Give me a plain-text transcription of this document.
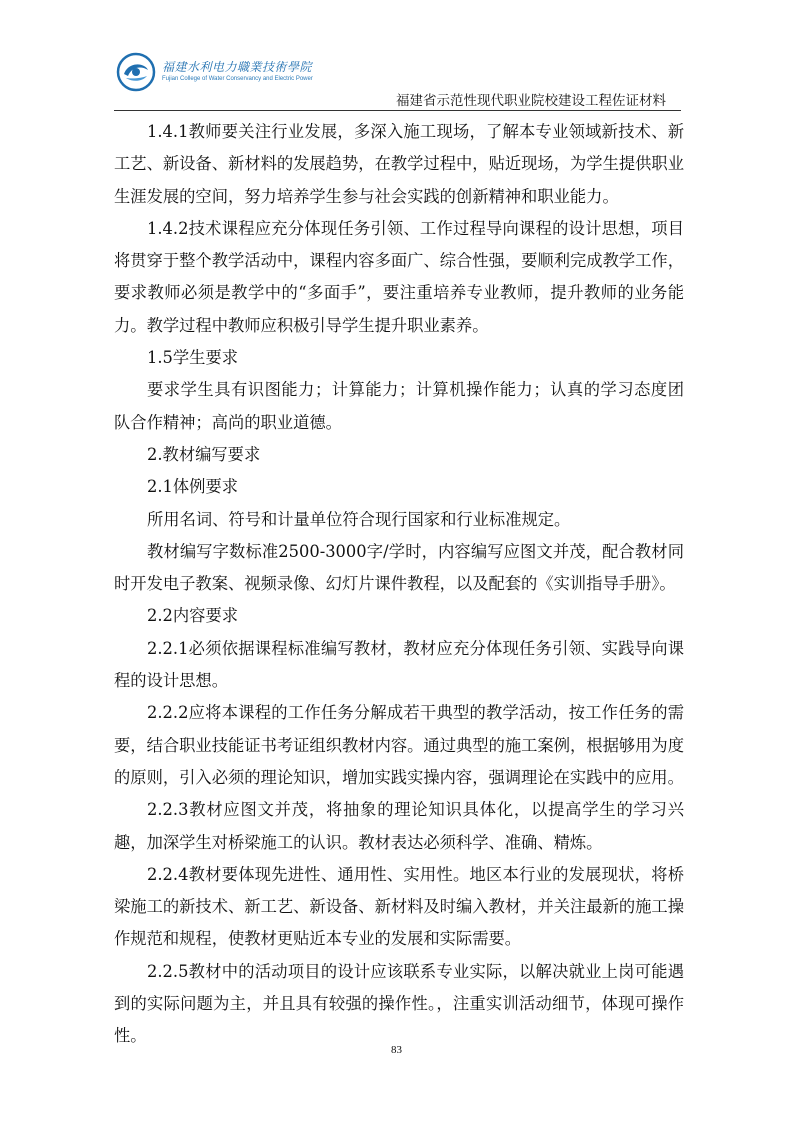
福建水利电力職業技術學院
Fujian College of Water Conservancy and Electric Power
福建省示范性现代职业院校建设工程佐证材料

1.4.1教师要关注行业发展，多深入施工现场，了解本专业领域新技术、新工艺、新设备、新材料的发展趋势，在教学过程中，贴近现场，为学生提供职业生涯发展的空间，努力培养学生参与社会实践的创新精神和职业能力。

1.4.2技术课程应充分体现任务引领、工作过程导向课程的设计思想，项目将贯穿于整个教学活动中，课程内容多面广、综合性强，要顺利完成教学工作，要求教师必须是教学中的“多面手”，要注重培养专业教师，提升教师的业务能力。教学过程中教师应积极引导学生提升职业素养。

1.5学生要求

要求学生具有识图能力；计算能力；计算机操作能力；认真的学习态度团队合作精神；高尚的职业道德。

2.教材编写要求

2.1体例要求

所用名词、符号和计量单位符合现行国家和行业标准规定。

教材编写字数标准2500-3000字/学时，内容编写应图文并茂，配合教材同时开发电子教案、视频录像、幻灯片课件教程，以及配套的《实训指导手册》。

2.2内容要求

2.2.1必须依据课程标准编写教材，教材应充分体现任务引领、实践导向课程的设计思想。

2.2.2应将本课程的工作任务分解成若干典型的教学活动，按工作任务的需要，结合职业技能证书考证组织教材内容。通过典型的施工案例，根据够用为度的原则，引入必须的理论知识，增加实践实操内容，强调理论在实践中的应用。

2.2.3教材应图文并茂，将抽象的理论知识具体化，以提高学生的学习兴趣，加深学生对桥梁施工的认识。教材表达必须科学、准确、精炼。

2.2.4教材要体现先进性、通用性、实用性。地区本行业的发展现状，将桥梁施工的新技术、新工艺、新设备、新材料及时编入教材，并关注最新的施工操作规范和规程，使教材更贴近本专业的发展和实际需要。

2.2.5教材中的活动项目的设计应该联系专业实际，以解决就业上岗可能遇到的实际问题为主，并且具有较强的操作性。，注重实训活动细节，体现可操作性。

83
